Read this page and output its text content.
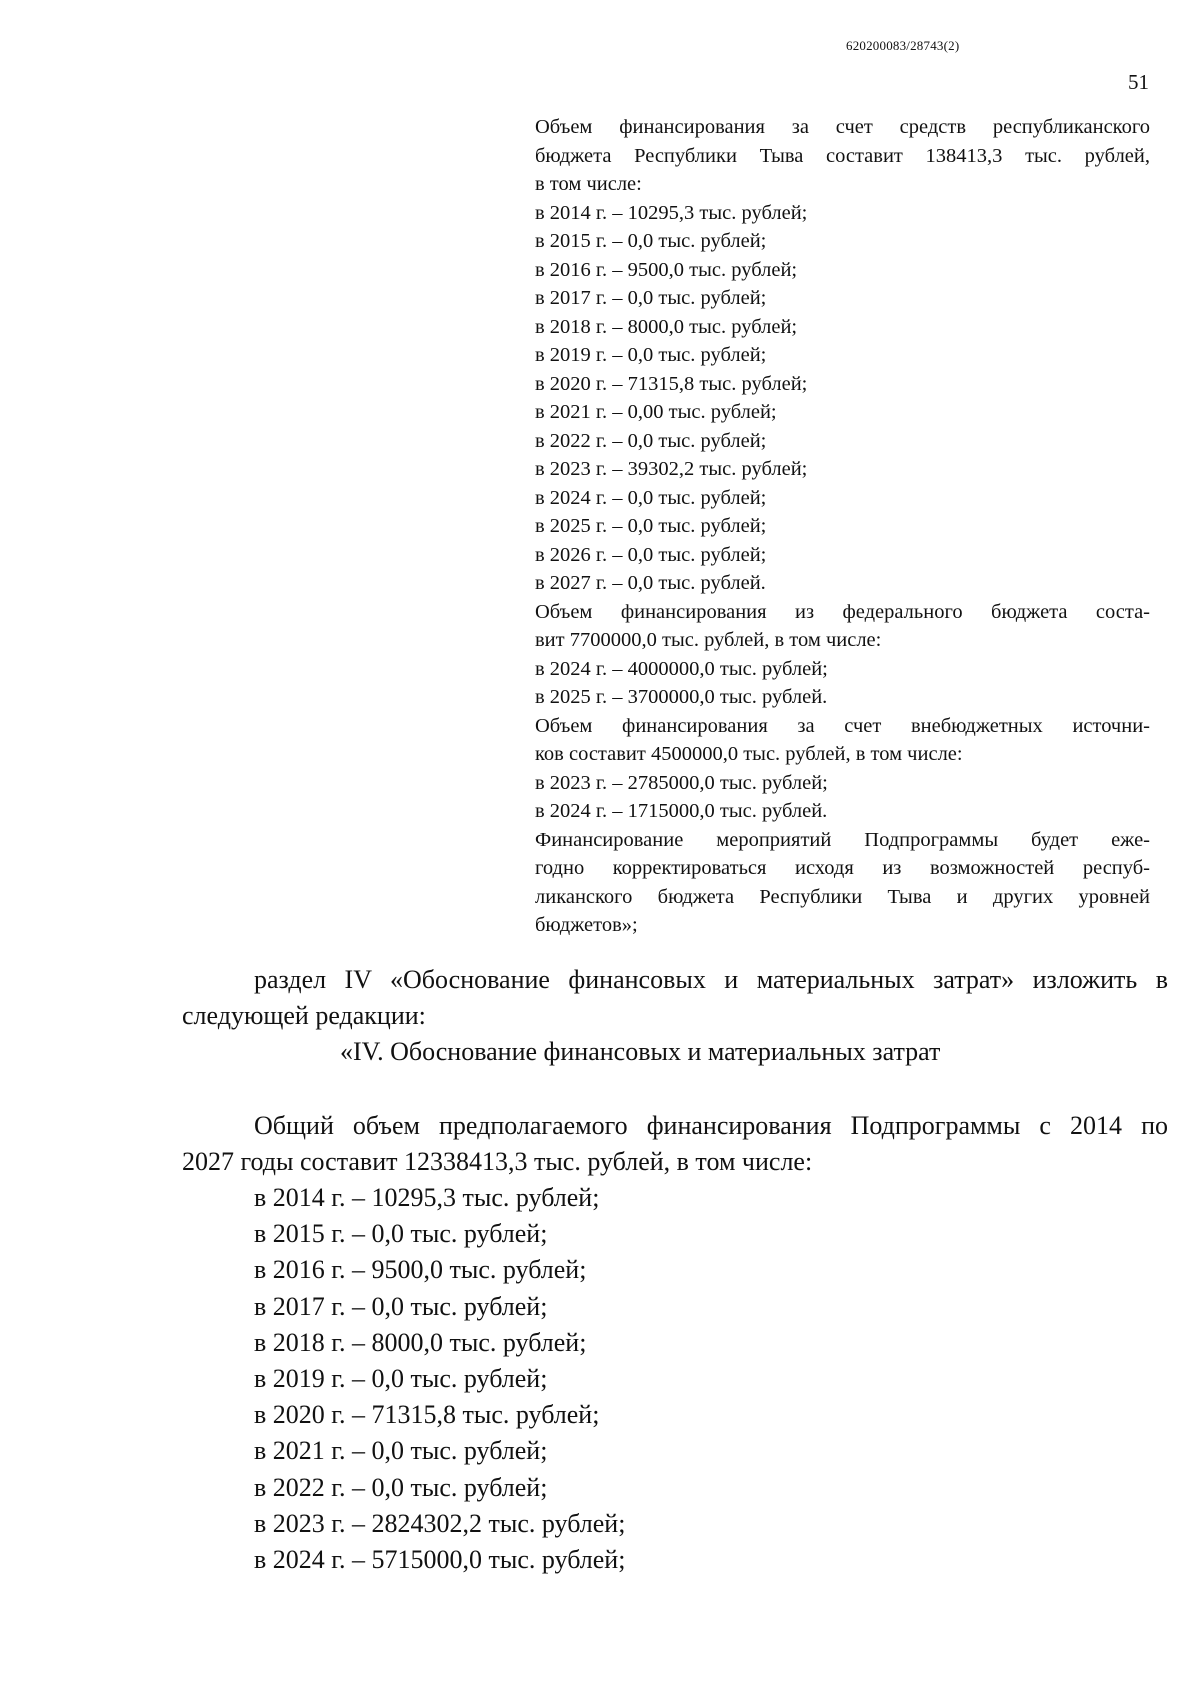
620200083/28743(2)
51
Объем финансирования за счет средств республиканского
бюджета Республики Тыва составит 138413,3 тыс. рублей,
в том числе:
в 2014 г. – 10295,3 тыс. рублей;
в 2015 г. – 0,0 тыс. рублей;
в 2016 г. – 9500,0 тыс. рублей;
в 2017 г. – 0,0 тыс. рублей;
в 2018 г. – 8000,0 тыс. рублей;
в 2019 г. – 0,0 тыс. рублей;
в 2020 г. – 71315,8 тыс. рублей;
в 2021 г. – 0,00 тыс. рублей;
в 2022 г. – 0,0 тыс. рублей;
в 2023 г. – 39302,2 тыс. рублей;
в 2024 г. – 0,0 тыс. рублей;
в 2025 г. – 0,0 тыс. рублей;
в 2026 г. – 0,0 тыс. рублей;
в 2027 г. – 0,0 тыс. рублей.
Объем финансирования из федерального бюджета соста-
вит 7700000,0 тыс. рублей, в том числе:
в 2024 г. – 4000000,0 тыс. рублей;
в 2025 г. – 3700000,0 тыс. рублей.
Объем финансирования за счет внебюджетных источни-
ков составит 4500000,0 тыс. рублей, в том числе:
в 2023 г. – 2785000,0 тыс. рублей;
в 2024 г. – 1715000,0 тыс. рублей.
Финансирование мероприятий Подпрограммы будет еже-
годно корректироваться исходя из возможностей респуб-
ликанского бюджета Республики Тыва и других уровней
бюджетов»;
раздел IV «Обоснование финансовых и материальных затрат» изложить в
следующей редакции:
«IV. Обоснование финансовых и материальных затрат
Общий объем предполагаемого финансирования Подпрограммы с 2014 по
2027 годы составит 12338413,3 тыс. рублей, в том числе:
в 2014 г. – 10295,3 тыс. рублей;
в 2015 г. – 0,0 тыс. рублей;
в 2016 г. – 9500,0 тыс. рублей;
в 2017 г. – 0,0 тыс. рублей;
в 2018 г. – 8000,0 тыс. рублей;
в 2019 г. – 0,0 тыс. рублей;
в 2020 г. – 71315,8 тыс. рублей;
в 2021 г. – 0,0 тыс. рублей;
в 2022 г. – 0,0 тыс. рублей;
в 2023 г. – 2824302,2 тыс. рублей;
в 2024 г. – 5715000,0 тыс. рублей;
